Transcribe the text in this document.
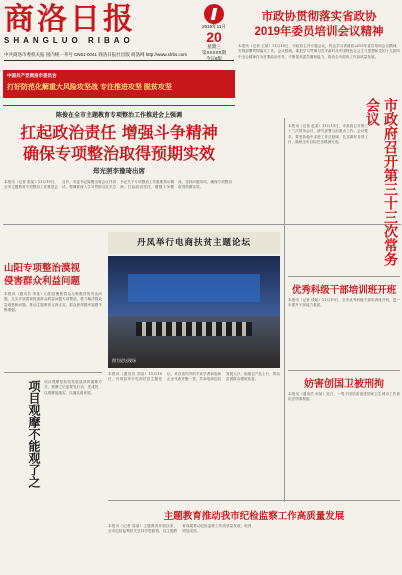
商洛日报
SHANGLUO RIBAO
中共商洛市委机关报 国内统一刊号 CN61-0041 商洛日报社出版 商洛网 http://www.slrbs.com
2019年11月
20
星期三
第XXXXX期
今日8版
中国共产党商洛市委员会
打好防范化解重大风险攻坚战 专注推进攻坚 脱贫攻坚
市政协贯彻落实省政协
2019年委员培训会议精神
本报讯（记者 王某）11月19日，市政协召开专题会议，传达学习省政协2019年委员培训会议精神，安排部署贯彻落实工作。会议强调，要把学习贯彻习近平新时代中国特色社会主义思想和党的十九届四中全会精神作为首要政治任务，不断提高委员履职能力，推动全市政协工作高质量发展。
陈俊在全市主题教育专项整治工作推进会上强调
扛起政治责任 增强斗争精神
确保专项整治取得预期实效
郑光照李豫琦出席
本报讯（记者 张某）11月19日，全市主题教育专项整治工作推进会召开。市委书记陈俊出席会议并讲话，强调要深入学习贯彻习近平总书记关于专项整治工作重要指示精神，扛起政治责任，增强斗争精神，坚持问题导向，确保专项整治取得预期实效。
山阳专项整治漠视
侵害群众利益问题
本报讯（通讯员 李某）山阳县聚焦群众反映强烈的突出问题，扎实开展漠视侵害群众利益问题专项整治，着力解决群众急难愁盼问题，推动主题教育走深走实，群众获得感幸福感不断增强。
项目观摩不能观了之 项目观摩是检验发展成效的重要方式，观摩之后更要见行动、见成效，以观摩促落实，以落实促发展。
丹凤举行电商扶贫主题论坛
图为论坛现场
本报讯（通讯员 刘某）11月18日，丹凤县举行电商扶贫主题论坛，来自省内外的专家学者和电商企业代表齐聚一堂，共商电商扶贫发展大计，助推农产品上行，带动贫困群众增收致富。
本报讯（记者 赵某）11月19日，市政府召开第三十三次常务会议，研究部署当前重点工作。会议要求，要坚持稳中求进工作总基调，扎实做好各项工作，确保全年目标任务圆满完成。	市政府召开第三十三次常务会议
优秀科级干部培训班开班
本报讯（记者 钱某）11月19日，全市优秀科级干部培训班开班，进一步提升干部能力素质。
妨害创国卫被刑拘
本报讯（通讯员 孙某）近日，一男子因妨害创建国家卫生城市工作被依法刑事拘留。
主题教育推动我市纪检监察工作高质量发展
本报讯（记者 周某）主题教育开展以来，全市纪检监察机关坚持学思践悟，以主题教育成果推动纪检监察工作高质量发展，取得明显成效。
